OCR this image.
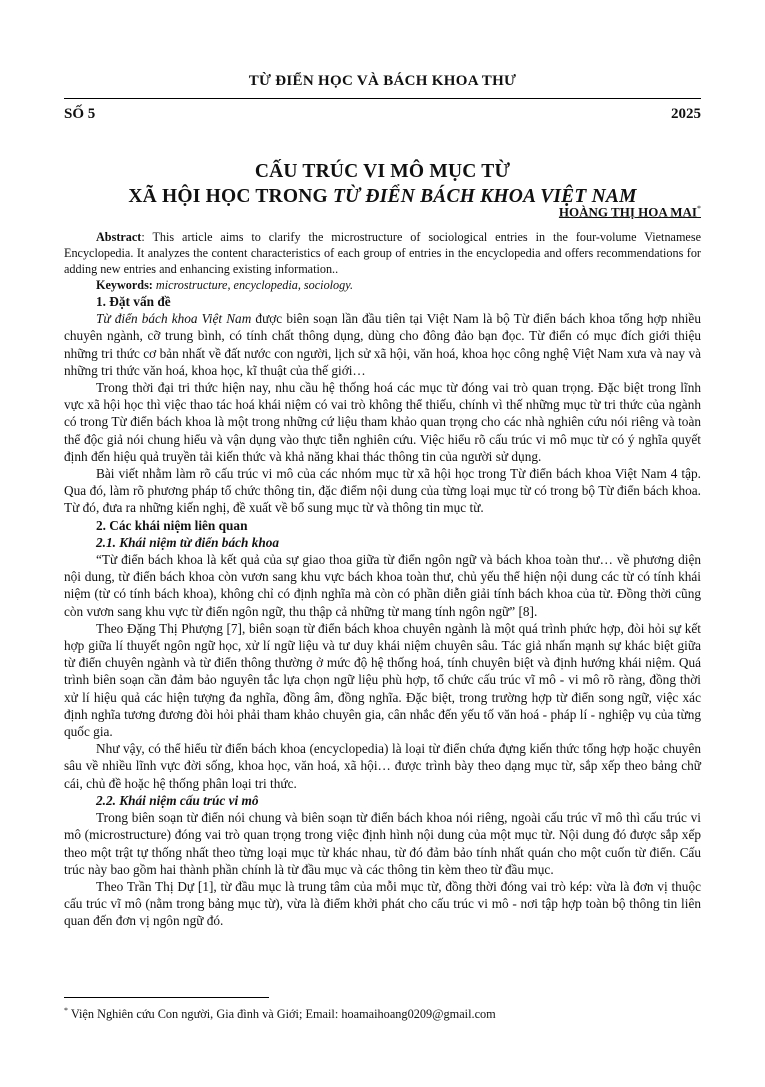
TỪ ĐIỂN HỌC VÀ BÁCH KHOA THƯ
SỐ 5	2025
CẤU TRÚC VI MÔ MỤC TỪ
XÃ HỘI HỌC TRONG TỪ ĐIỂN BÁCH KHOA VIỆT NAM
HOÀNG THỊ HOA MAI*

Abstract: This article aims to clarify the microstructure of sociological entries in the four-volume Vietnamese Encyclopedia. It analyzes the content characteristics of each group of entries in the encyclopedia and offers recommendations for adding new entries and enhancing existing information..

Keywords: microstructure, encyclopedia, sociology.

1. Đặt vấn đề

Từ điển bách khoa Việt Nam được biên soạn lần đầu tiên tại Việt Nam là bộ Từ điển bách khoa tổng hợp nhiều chuyên ngành, cỡ trung bình, có tính chất thông dụng, dùng cho đông đảo bạn đọc. Từ điển có mục đích giới thiệu những tri thức cơ bản nhất về đất nước con người, lịch sử xã hội, văn hoá, khoa học công nghệ Việt Nam xưa và nay và những tri thức văn hoá, khoa học, kĩ thuật của thế giới…

Trong thời đại tri thức hiện nay, nhu cầu hệ thống hoá các mục từ đóng vai trò quan trọng. Đặc biệt trong lĩnh vực xã hội học thì việc thao tác hoá khái niệm có vai trò không thể thiếu, chính vì thế những mục từ tri thức của ngành có trong Từ điển bách khoa là một trong những cứ liệu tham khảo quan trọng cho các nhà nghiên cứu nói riêng và toàn thể độc giả nói chung hiểu và vận dụng vào thực tiễn nghiên cứu. Việc hiểu rõ cấu trúc vi mô mục từ có ý nghĩa quyết định đến hiệu quả truyền tải kiến thức và khả năng khai thác thông tin của người sử dụng.

Bài viết nhằm làm rõ cấu trúc vi mô của các nhóm mục từ xã hội học trong Từ điển bách khoa Việt Nam 4 tập. Qua đó, làm rõ phương pháp tổ chức thông tin, đặc điểm nội dung của từng loại mục từ có trong bộ Từ điển bách khoa. Từ đó, đưa ra những kiến nghị, đề xuất về bổ sung mục từ và thông tin mục từ.

2. Các khái niệm liên quan

2.1. Khái niệm từ điển bách khoa

“Từ điển bách khoa là kết quả của sự giao thoa giữa từ điển ngôn ngữ và bách khoa toàn thư… về phương diện nội dung, từ điển bách khoa còn vươn sang khu vực bách khoa toàn thư, chủ yếu thể hiện nội dung các từ có tính khái niệm (từ có tính bách khoa), không chỉ có định nghĩa mà còn có phần diễn giải tính bách khoa của từ. Đồng thời cũng còn vươn sang khu vực từ điển ngôn ngữ, thu thập cả những từ mang tính ngôn ngữ” [8].

Theo Đặng Thị Phượng [7], biên soạn từ điển bách khoa chuyên ngành là một quá trình phức hợp, đòi hỏi sự kết hợp giữa lí thuyết ngôn ngữ học, xử lí ngữ liệu và tư duy khái niệm chuyên sâu. Tác giả nhấn mạnh sự khác biệt giữa từ điển chuyên ngành và từ điển thông thường ở mức độ hệ thống hoá, tính chuyên biệt và định hướng khái niệm. Quá trình biên soạn cần đảm bảo nguyên tắc lựa chọn ngữ liệu phù hợp, tổ chức cấu trúc vĩ mô - vi mô rõ ràng, đồng thời xử lí hiệu quả các hiện tượng đa nghĩa, đồng âm, đồng nghĩa. Đặc biệt, trong trường hợp từ điển song ngữ, việc xác định nghĩa tương đương đòi hỏi phải tham khảo chuyên gia, cân nhắc đến yếu tố văn hoá - pháp lí - nghiệp vụ của từng quốc gia.

Như vậy, có thể hiểu từ điển bách khoa (encyclopedia) là loại từ điển chứa đựng kiến thức tổng hợp hoặc chuyên sâu về nhiều lĩnh vực đời sống, khoa học, văn hoá, xã hội… được trình bày theo dạng mục từ, sắp xếp theo bảng chữ cái, chủ đề hoặc hệ thống phân loại tri thức.

2.2. Khái niệm cấu trúc vi mô

Trong biên soạn từ điển nói chung và biên soạn từ điển bách khoa nói riêng, ngoài cấu trúc vĩ mô thì cấu trúc vi mô (microstructure) đóng vai trò quan trọng trong việc định hình nội dung của một mục từ. Nội dung đó được sắp xếp theo một trật tự thống nhất theo từng loại mục từ khác nhau, từ đó đảm bảo tính nhất quán cho một cuốn từ điển. Cấu trúc này bao gồm hai thành phần chính là từ đầu mục và các thông tin kèm theo từ đầu mục.

Theo Trần Thị Dự [1], từ đầu mục là trung tâm của mỗi mục từ, đồng thời đóng vai trò kép: vừa là đơn vị thuộc cấu trúc vĩ mô (nằm trong bảng mục từ), vừa là điểm khởi phát cho cấu trúc vi mô - nơi tập hợp toàn bộ thông tin liên quan đến đơn vị ngôn ngữ đó.

* Viện Nghiên cứu Con người, Gia đình và Giới; Email: hoamaihoang0209@gmail.com
